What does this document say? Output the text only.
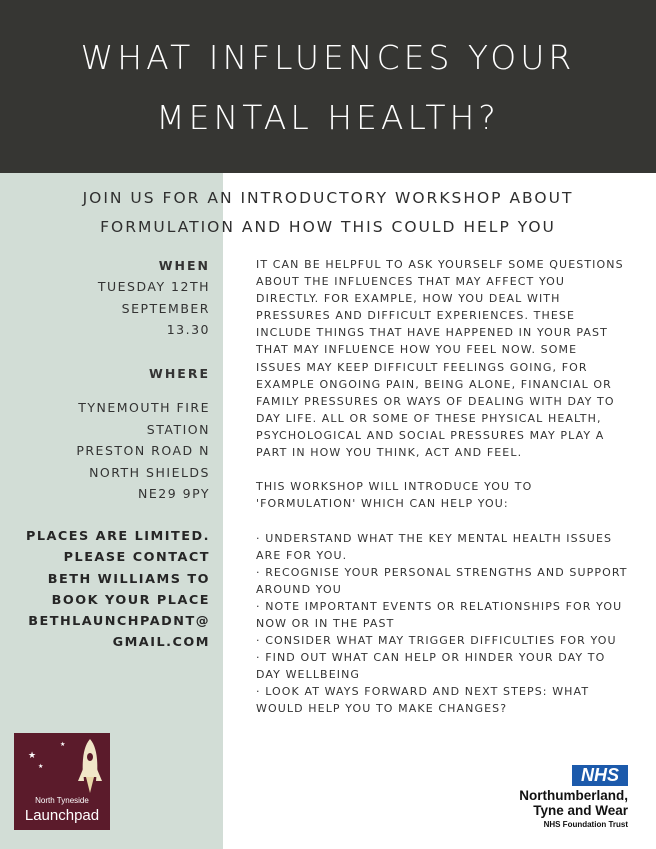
WHAT INFLUENCES YOUR
MENTAL HEALTH?
JOIN US FOR AN INTRODUCTORY WORKSHOP ABOUT
FORMULATION AND HOW THIS COULD HELP YOU
WHEN
TUESDAY 12TH
SEPTEMBER
13.30
WHERE
TYNEMOUTH FIRE
STATION
PRESTON ROAD N
NORTH SHIELDS
NE29 9PY
PLACES ARE LIMITED.
PLEASE CONTACT
BETH WILLIAMS TO
BOOK YOUR PLACE
BETHLAUNCHPADNT@
GMAIL.COM
IT CAN BE HELPFUL TO ASK YOURSELF SOME QUESTIONS
ABOUT THE INFLUENCES THAT MAY AFFECT YOU
DIRECTLY. FOR EXAMPLE, HOW YOU DEAL WITH
PRESSURES AND DIFFICULT EXPERIENCES. THESE
INCLUDE THINGS THAT HAVE HAPPENED IN YOUR PAST
THAT MAY INFLUENCE HOW YOU FEEL NOW. SOME
ISSUES MAY KEEP DIFFICULT FEELINGS GOING, FOR
EXAMPLE ONGOING PAIN, BEING ALONE, FINANCIAL OR
FAMILY PRESSURES OR WAYS OF DEALING WITH DAY TO
DAY LIFE. ALL OR SOME OF THESE PHYSICAL HEALTH,
PSYCHOLOGICAL AND SOCIAL PRESSURES MAY PLAY A
PART IN HOW YOU THINK, ACT AND FEEL.
THIS WORKSHOP WILL INTRODUCE YOU TO
'FORMULATION' WHICH CAN HELP YOU:
· UNDERSTAND WHAT THE KEY MENTAL HEALTH ISSUES
ARE FOR YOU.
· RECOGNISE YOUR PERSONAL STRENGTHS AND SUPPORT
AROUND YOU
· NOTE IMPORTANT EVENTS OR RELATIONSHIPS FOR YOU
NOW OR IN THE PAST
· CONSIDER WHAT MAY TRIGGER DIFFICULTIES FOR YOU
· FIND OUT WHAT CAN HELP OR HINDER YOUR DAY TO
DAY WELLBEING
· LOOK AT WAYS FORWARD AND NEXT STEPS: WHAT
WOULD HELP YOU TO MAKE CHANGES?
★
★
★
North Tyneside
Launchpad
NHS
Northumberland,
Tyne and Wear
NHS Foundation Trust
